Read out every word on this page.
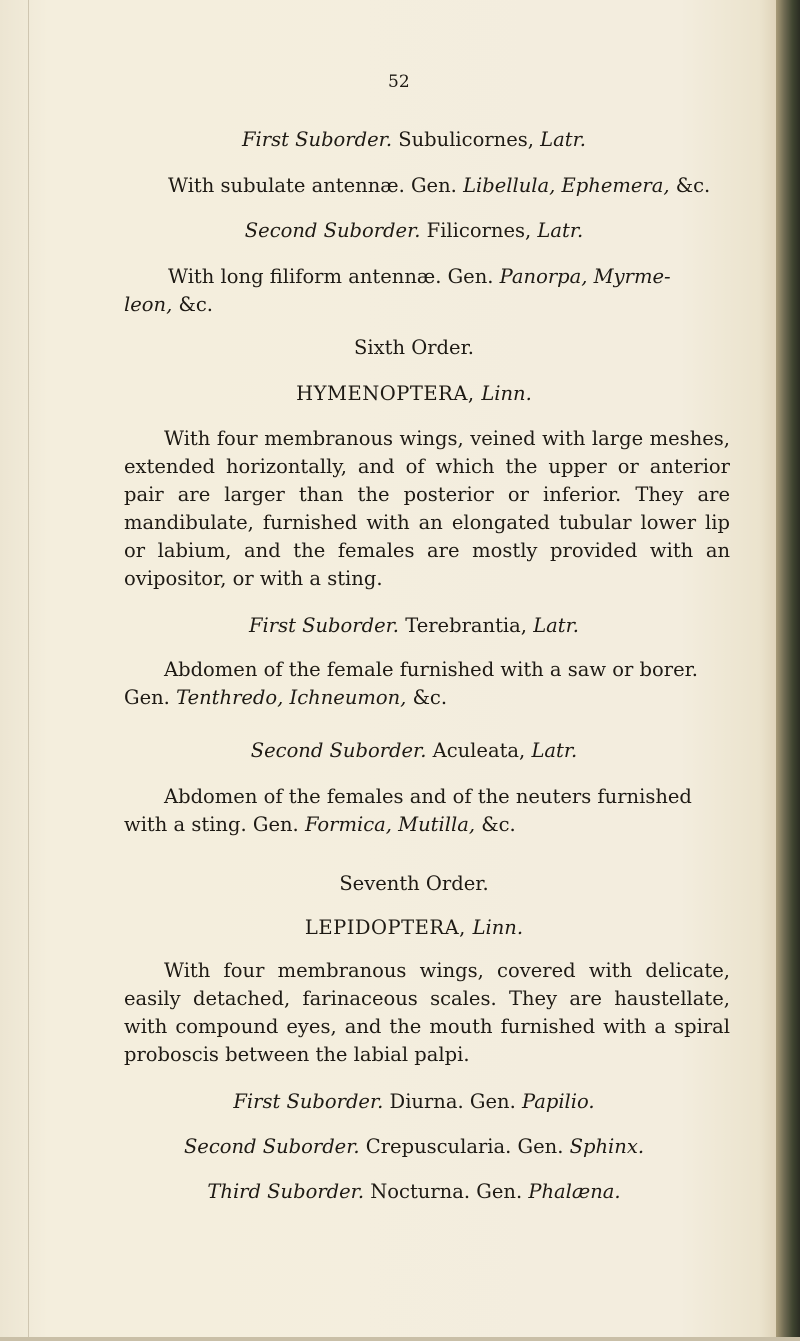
52
First Suborder. Subulicornes, Latr.
With subulate antennæ. Gen. Libellula, Ephemera, &c.
Second Suborder. Filicornes, Latr.
With long filiform antennæ. Gen. Panorpa, Myrme-
leon, &c.
Sixth Order.
HYMENOPTERA, Linn.
With four membranous wings, veined with large meshes, extended horizontally, and of which the upper or anterior pair are larger than the posterior or inferior. They are mandibulate, furnished with an elongated tubular lower lip or labium, and the females are mostly provided with an ovipositor, or with a sting.
First Suborder. Terebrantia, Latr.
Abdomen of the female furnished with a saw or borer.
Gen. Tenthredo, Ichneumon, &c.
Second Suborder. Aculeata, Latr.
Abdomen of the females and of the neuters furnished
with a sting. Gen. Formica, Mutilla, &c.
Seventh Order.
LEPIDOPTERA, Linn.
With four membranous wings, covered with delicate, easily detached, farinaceous scales. They are haustellate, with compound eyes, and the mouth furnished with a spiral proboscis between the labial palpi.
First Suborder. Diurna. Gen. Papilio.
Second Suborder. Crepuscularia. Gen. Sphinx.
Third Suborder. Nocturna. Gen. Phalæna.
